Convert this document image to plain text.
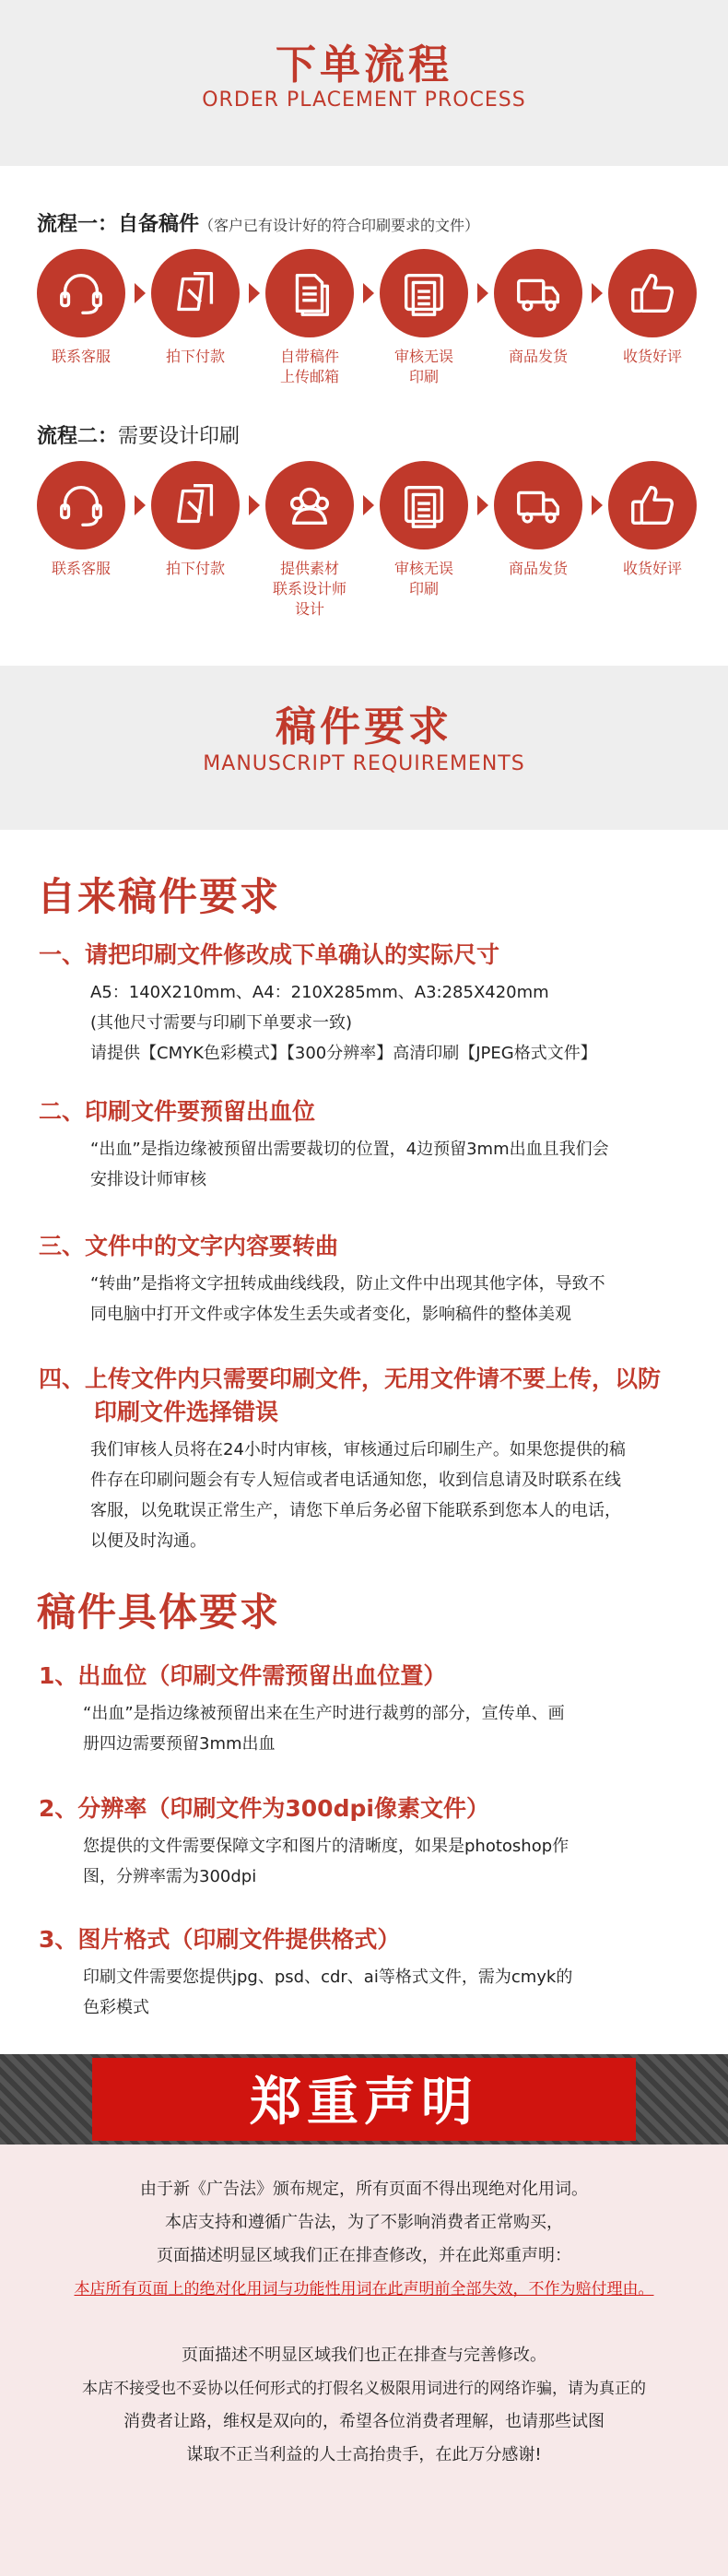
下单流程
ORDER PLACEMENT PROCESS
流程一：自备稿件（客户已有设计好的符合印刷要求的文件）
联系客服	拍下付款	自带稿件
上传邮箱
审核无误
印刷
商品发货	收货好评
流程二：需要设计印刷
联系客服	拍下付款	提供素材
联系设计师
设计
审核无误
印刷
商品发货	收货好评
稿件要求
MANUSCRIPT REQUIREMENTS
自来稿件要求
一、请把印刷文件修改成下单确认的实际尺寸
A5：140X210mm、A4：210X285mm、A3:285X420mm
(其他尺寸需要与印刷下单要求一致)
请提供【CMYK色彩模式】【300分辨率】高清印刷【JPEG格式文件】
二、印刷文件要预留出血位
“出血”是指边缘被预留出需要裁切的位置，4边预留3mm出血且我们会
安排设计师审核
三、文件中的文字内容要转曲
“转曲”是指将文字扭转成曲线线段，防止文件中出现其他字体，导致不
同电脑中打开文件或字体发生丢失或者变化，影响稿件的整体美观
四、上传文件内只需要印刷文件，无用文件请不要上传，以防
印刷文件选择错误
我们审核人员将在24小时内审核，审核通过后印刷生产。如果您提供的稿
件存在印刷问题会有专人短信或者电话通知您，收到信息请及时联系在线
客服，以免耽误正常生产，请您下单后务必留下能联系到您本人的电话，
以便及时沟通。
稿件具体要求
1、出血位（印刷文件需预留出血位置）
“出血”是指边缘被预留出来在生产时进行裁剪的部分，宣传单、画
册四边需要预留3mm出血
2、分辨率（印刷文件为300dpi像素文件）
您提供的文件需要保障文字和图片的清晰度，如果是photoshop作
图，分辨率需为300dpi
3、图片格式（印刷文件提供格式）
印刷文件需要您提供jpg、psd、cdr、ai等格式文件，需为cmyk的
色彩模式
郑重声明
由于新《广告法》颁布规定，所有页面不得出现绝对化用词。
本店支持和遵循广告法，为了不影响消费者正常购买，
页面描述明显区域我们正在排查修改，并在此郑重声明：
本店所有页面上的绝对化用词与功能性用词在此声明前全部失效，不作为赔付理由。
页面描述不明显区域我们也正在排查与完善修改。
本店不接受也不妥协以任何形式的打假名义极限用词进行的网络诈骗，请为真正的
消费者让路，维权是双向的，希望各位消费者理解，也请那些试图
谋取不正当利益的人士高抬贵手，在此万分感谢!
